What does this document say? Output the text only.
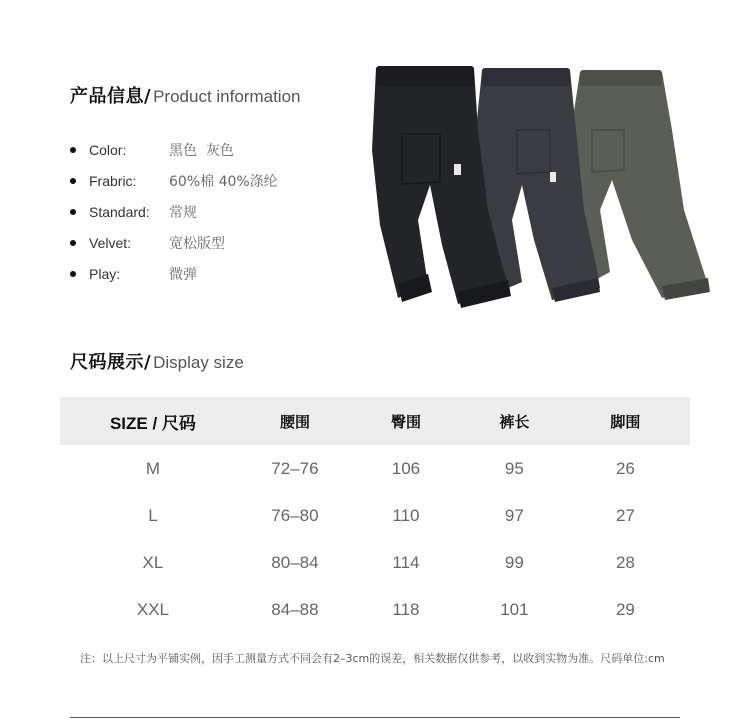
产品信息/ Product information
Color:	黑色  灰色
Frabric:	60%棉 40%涤纶
Standard:	常规
Velvet:	宽松版型
Play:	微弹
尺码展示/ Display size
SIZE / 尺码	腰围	臀围	裤长	脚围
M	72–76	106	95	26
L	76–80	110	97	27
XL	80–84	114	99	28
XXL	84–88	118	101	29
注：以上尺寸为平铺实例，因手工测量方式不同会有2–3cm的误差，相关数据仅供参考，以收到实物为准。尺码单位:cm
